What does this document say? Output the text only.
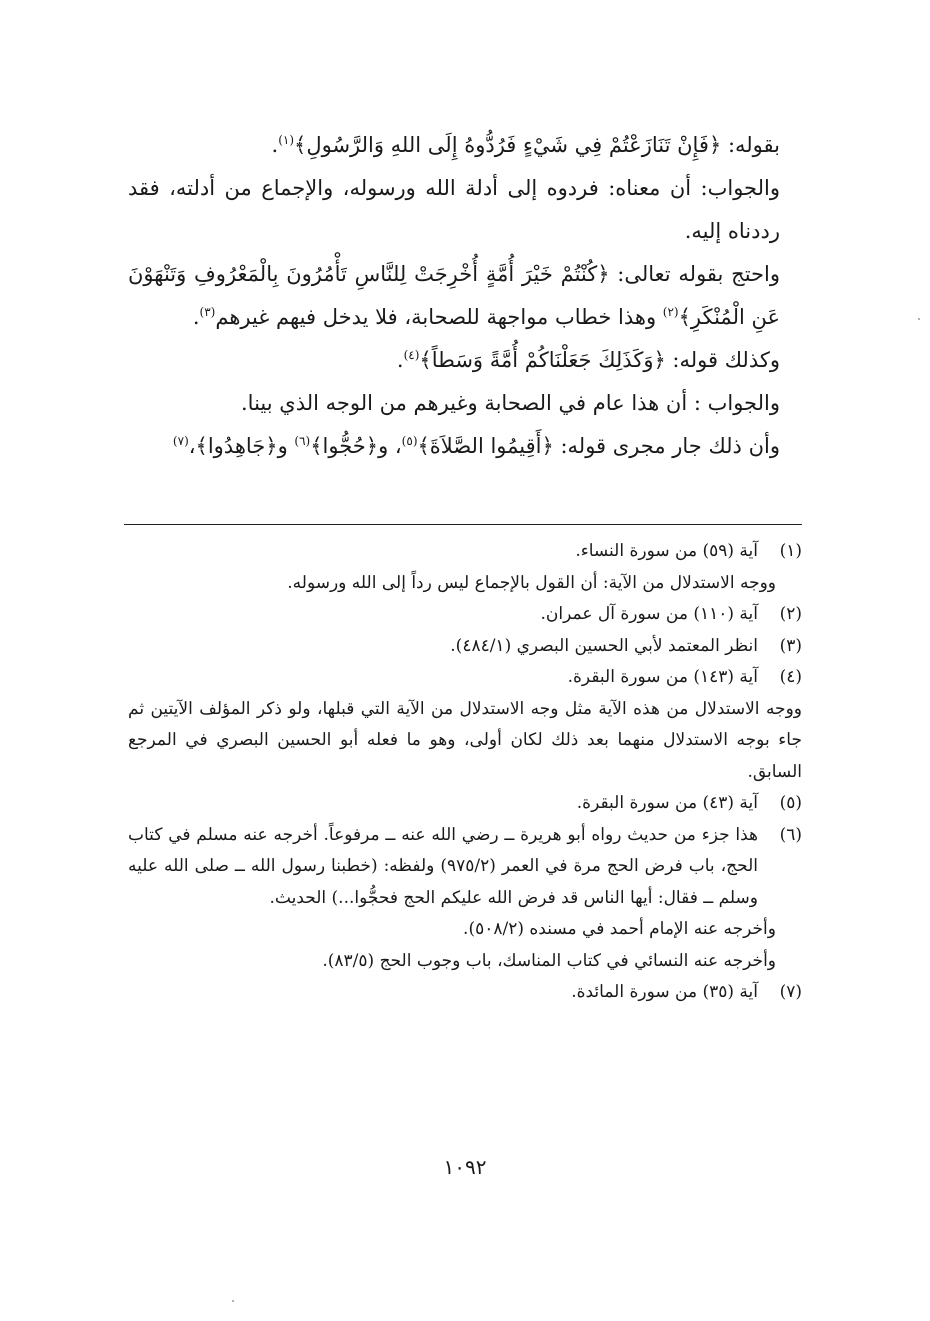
بقوله: ﴿فَإِنْ تَنَازَعْتُمْ فِي شَيْءٍ فَرُدُّوهُ إِلَى اللهِ وَالرَّسُولِ﴾$^{(١)}$.

والجواب: أن معناه: فردوه إلى أدلة الله ورسوله، والإجماع من أدلته، فقد رددناه إليه.

واحتج بقوله تعالى: ﴿كُنْتُمْ خَيْرَ أُمَّةٍ أُخْرِجَتْ لِلنَّاسِ تَأْمُرُونَ بِالْمَعْرُوفِ وَتَنْهَوْنَ عَنِ الْمُنْكَرِ﴾$^{(٢)}$ وهذا خطاب مواجهة للصحابة، فلا يدخل فيهم غيرهم$^{(٣)}$.

وكذلك قوله: ﴿وَكَذَلِكَ جَعَلْنَاكُمْ أُمَّةً وَسَطاً﴾$^{(٤)}$.

والجواب : أن هذا عام في الصحابة وغيرهم من الوجه الذي بينا.

وأن ذلك جار مجرى قوله: ﴿أَقِيمُوا الصَّلاَةَ﴾$^{(٥)}$، و﴿حُجُّوا﴾$^{(٦)}$ و﴿جَاهِدُوا﴾،$^{(٧)}$

(١)
آية (٥٩) من سورة النساء.
ووجه الاستدلال من الآية: أن القول بالإجماع ليس رداً إلى الله ورسوله.
(٢)
آية (١١٠) من سورة آل عمران.
(٣)
انظر المعتمد لأبي الحسين البصري (٤٨٤/١).
(٤)
آية (١٤٣) من سورة البقرة.
ووجه الاستدلال من هذه الآية مثل وجه الاستدلال من الآية التي قبلها، ولو ذكر المؤلف الآيتين ثم جاء بوجه الاستدلال منهما بعد ذلك لكان أولى، وهو ما فعله أبو الحسين البصري في المرجع السابق.
(٥)
آية (٤٣) من سورة البقرة.
(٦)
هذا جزء من حديث رواه أبو هريرة ــ رضي الله عنه ــ مرفوعاً. أخرجه عنه مسلم في كتاب الحج، باب فرض الحج مرة في العمر (٩٧٥/٢) ولفظه: (خطبنا رسول الله ــ صلى الله عليه وسلم ــ فقال: أيها الناس قد فرض الله عليكم الحج فحجُّوا...) الحديث.
وأخرجه عنه الإمام أحمد في مسنده (٥٠٨/٢).
وأخرجه عنه النسائي في كتاب المناسك، باب وجوب الحج (٨٣/٥).
(٧)
آية (٣٥) من سورة المائدة.
١٠٩٢
